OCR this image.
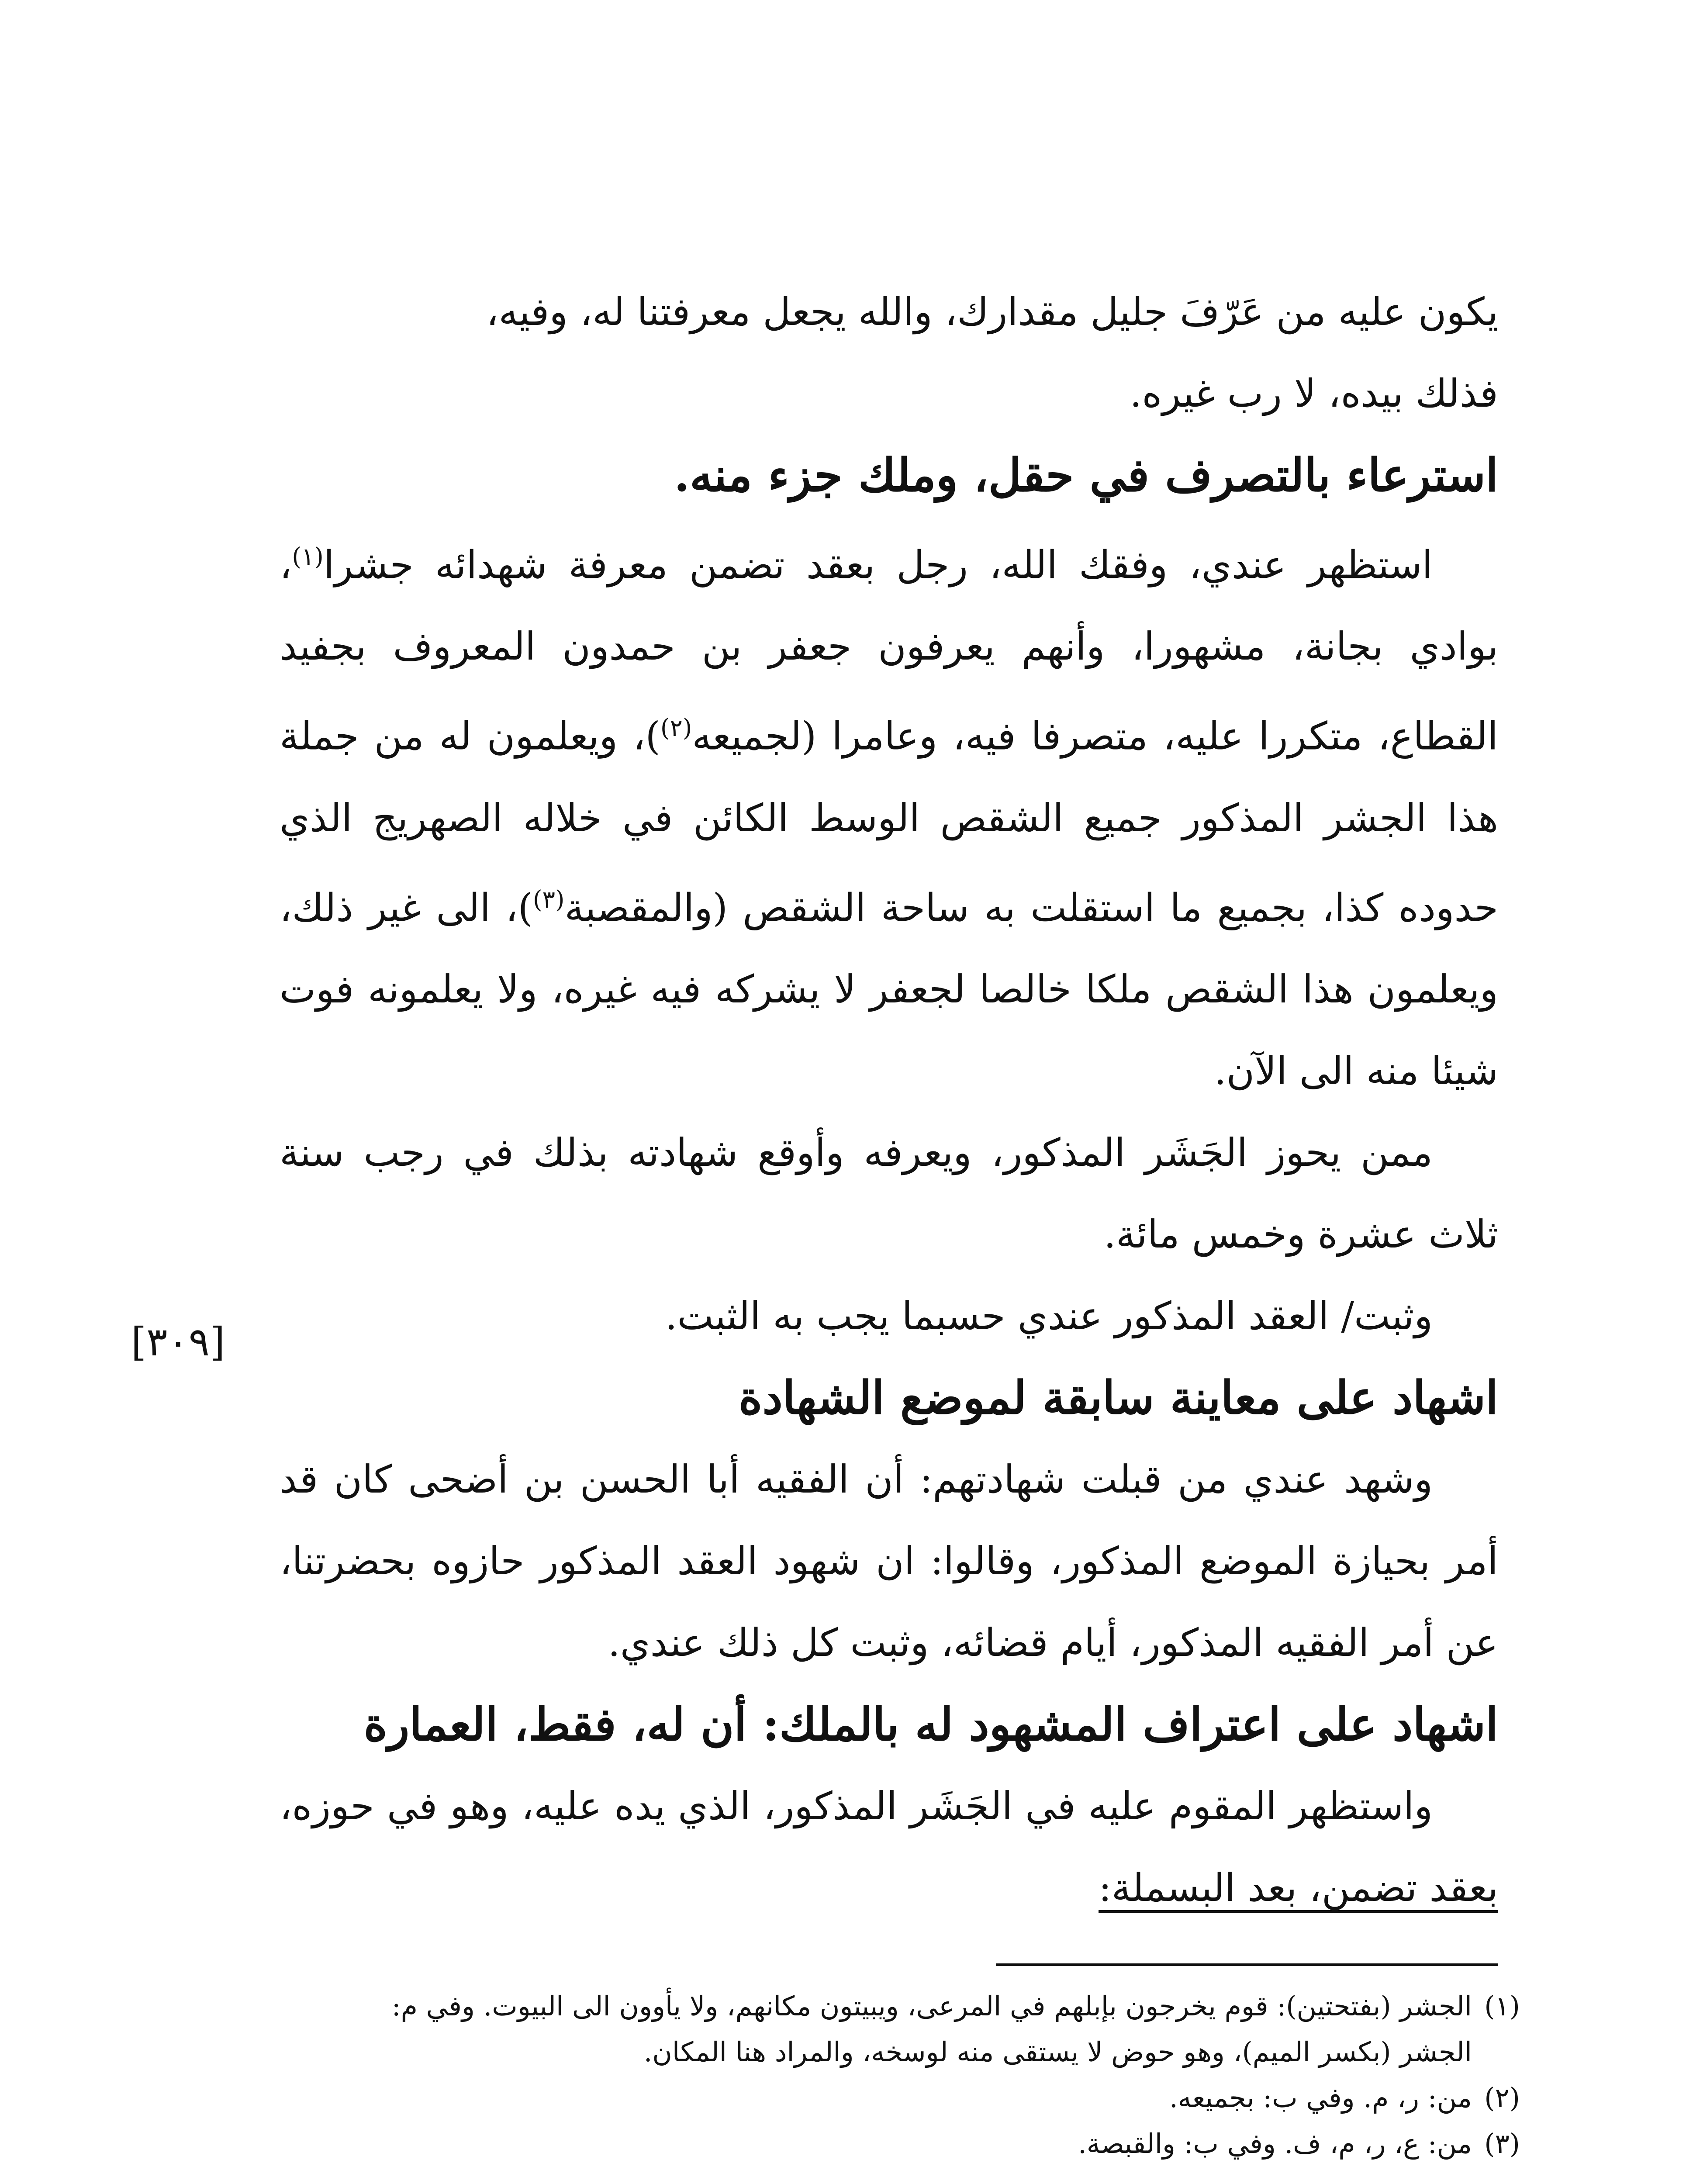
يكون عليه من عَرّفَ جليل مقدارك، والله يجعل معرفتنا له، وفيه،

فذلك بيده، لا رب غيره.

استرعاء بالتصرف في حقل، وملك جزء منه.

استظهر عندي، وفقك الله، رجل بعقد تضمن معرفة شهدائه جشرا$^{(١)}$، بوادي بجانة، مشهورا، وأنهم يعرفون جعفر بن حمدون المعروف بجفيد القطاع، متكررا عليه، متصرفا فيه، وعامرا (لجميعه$^{(٢)}$)، ويعلمون له من جملة هذا الجشر المذكور جميع الشقص الوسط الكائن في خلاله الصهريج الذي حدوده كذا، بجميع ما استقلت به ساحة الشقص (والمقصبة$^{(٣)}$)، الى غير ذلك، ويعلمون هذا الشقص ملكا خالصا لجعفر لا يشركه فيه غيره، ولا يعلمونه فوت شيئا منه الى الآن.

ممن يحوز الجَشَر المذكور، ويعرفه وأوقع شهادته بذلك في رجب سنة ثلاث عشرة وخمس مائة.

وثبت/ العقد المذكور عندي حسبما يجب به الثبت.

اشهاد على معاينة سابقة لموضع الشهادة

وشهد عندي من قبلت شهادتهم: أن الفقيه أبا الحسن بن أضحى كان قد أمر بحيازة الموضع المذكور، وقالوا: ان شهود العقد المذكور حازوه بحضرتنا، عن أمر الفقيه المذكور، أيام قضائه، وثبت كل ذلك عندي.

اشهاد على اعتراف المشهود له بالملك: أن له، فقط، العمارة

واستظهر المقوم عليه في الجَشَر المذكور، الذي يده عليه، وهو في حوزه، بعقد تضمن، بعد البسملة:

[٣٠٩]

(١)الجشر (بفتحتين): قوم يخرجون بإبلهم في المرعى، ويبيتون مكانهم، ولا يأوون الى البيوت. وفي م:

الجشر (بكسر الميم)، وهو حوض لا يستقى منه لوسخه، والمراد هنا المكان.

(٢)من: ر، م. وفي ب: بجميعه.

(٣)من: ع، ر، م، ف. وفي ب: والقبصة.
